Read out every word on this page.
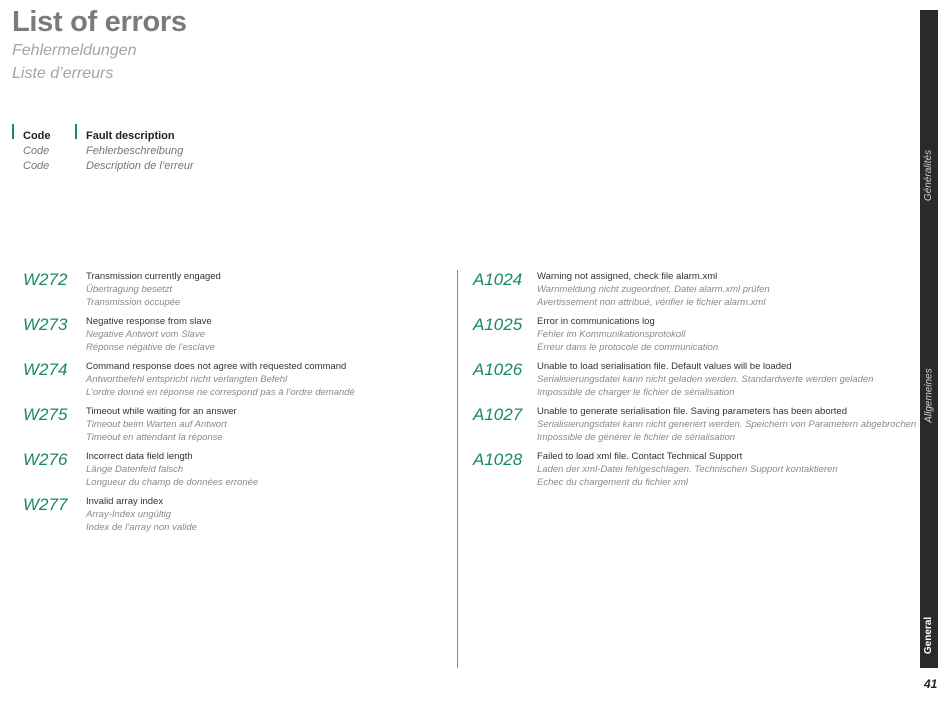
List of errors
Fehlermeldungen
Liste d’erreurs
Code
Code
Code
Fault description
Fehlerbeschreibung
Description de l’erreur
W272 Transmission currently engaged
Übertragung besetzt
Transmission occupée
W273 Negative response from slave
Negative Antwort vom Slave
Réponse négative de l’esclave
W274 Command response does not agree with requested command
Antwortbefehl entspricht nicht verlangten Befehl
L’ordre donné en réponse ne correspond pas à l’ordre demandé
W275 Timeout while waiting for an answer
Timeout beim Warten auf Antwort
Timeout en attendant la réponse
W276 Incorrect data field length
Länge Datenfeld falsch
Longueur du champ de données erronée
W277 Invalid array index
Array-Index ungültig
Index de l’array non valide
A1024 Warning not assigned, check file alarm.xml
Warnmeldung nicht zugeordnet, Datei alarm.xml prüfen
Avertissement non attribué, vérifier le fichier alarm.xml
A1025 Error in communications log
Fehler im Kommunikationsprotokoll
Erreur dans le protocole de communication
A1026 Unable to load serialisation file. Default values will be loaded
Serialisierungsdatei kann nicht geladen werden. Standardwerte werden geladen
Impossible de charger le fichier de sérialisation
A1027 Unable to generate serialisation file. Saving parameters has been aborted
Serialisierungsdatei kann nicht generiert werden. Speichern von Parametern abgebrochen
Impossible de générer le fichier de sérialisation
A1028 Failed to load xml file. Contact Technical Support
Laden der xml-Datei fehlgeschlagen. Technischen Support kontaktieren
Echec du chargement du fichier xml
Généralités
Allgemeines
General
41
